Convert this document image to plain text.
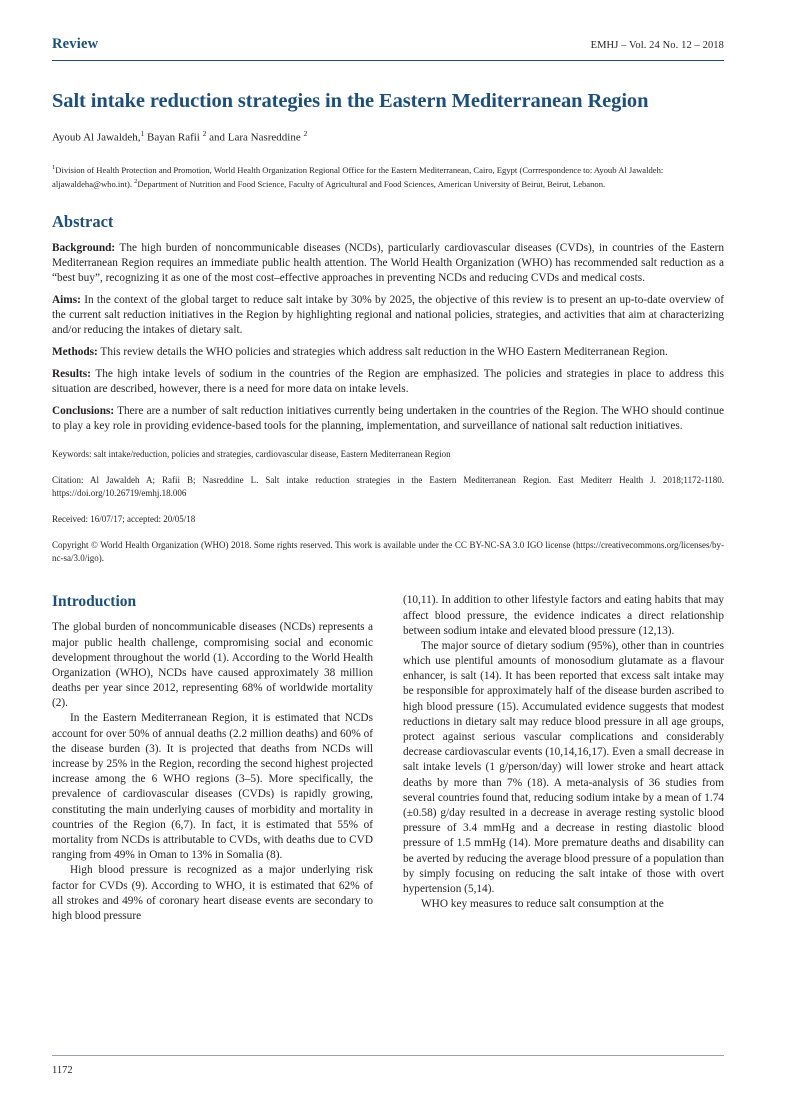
Review	EMHJ – Vol. 24 No. 12 – 2018
Salt intake reduction strategies in the Eastern Mediterranean Region
Ayoub Al Jawaldeh,$^1$ Bayan Rafii $^2$ and Lara Nasreddine $^2$
$^1$Division of Health Protection and Promotion, World Health Organization Regional Office for the Eastern Mediterranean, Cairo, Egypt (Corrrespondence to: Ayoub Al Jawaldeh: aljawaldeha@who.int). $^2$Department of Nutrition and Food Science, Faculty of Agricultural and Food Sciences, American University of Beirut, Beirut, Lebanon.
Abstract

Background: The high burden of noncommunicable diseases (NCDs), particularly cardiovascular diseases (CVDs), in countries of the Eastern Mediterranean Region requires an immediate public health attention. The World Health Organization (WHO) has recommended salt reduction as a “best buy”, recognizing it as one of the most cost–effective approaches in preventing NCDs and reducing CVDs and medical costs.

Aims: In the context of the global target to reduce salt intake by 30% by 2025, the objective of this review is to present an up-to-date overview of the current salt reduction initiatives in the Region by highlighting regional and national policies, strategies, and activities that aim at characterizing and/or reducing the intakes of dietary salt.

Methods: This review details the WHO policies and strategies which address salt reduction in the WHO Eastern Mediterranean Region.

Results: The high intake levels of sodium in the countries of the Region are emphasized. The policies and strategies in place to address this situation are described, however, there is a need for more data on intake levels.

Conclusions: There are a number of salt reduction initiatives currently being undertaken in the countries of the Region. The WHO should continue to play a key role in providing evidence-based tools for the planning, implementation, and surveillance of national salt reduction initiatives.

Keywords: salt intake/reduction, policies and strategies, cardiovascular disease, Eastern Mediterranean Region

Citation: Al Jawaldeh A; Rafii B; Nasreddine L. Salt intake reduction strategies in the Eastern Mediterranean Region. East Mediterr Health J. 2018;1172-1180. https://doi.org/10.26719/emhj.18.006

Received: 16/07/17; accepted: 20/05/18

Copyright © World Health Organization (WHO) 2018. Some rights reserved. This work is available under the CC BY-NC-SA 3.0 IGO license (https://creativecommons.org/licenses/by-nc-sa/3.0/igo).

Introduction

The global burden of noncommunicable diseases (NCDs) represents a major public health challenge, compromising social and economic development throughout the world (1). According to the World Health Organization (WHO), NCDs have caused approximately 38 million deaths per year since 2012, representing 68% of worldwide mortality (2).

In the Eastern Mediterranean Region, it is estimated that NCDs account for over 50% of annual deaths (2.2 million deaths) and 60% of the disease burden (3). It is projected that deaths from NCDs will increase by 25% in the Region, recording the second highest projected increase among the 6 WHO regions (3–5). More specifically, the prevalence of cardiovascular diseases (CVDs) is rapidly growing, constituting the main underlying causes of morbidity and mortality in countries of the Region (6,7). In fact, it is estimated that 55% of mortality from NCDs is attributable to CVDs, with deaths due to CVD ranging from 49% in Oman to 13% in Somalia (8).

High blood pressure is recognized as a major underlying risk factor for CVDs (9). According to WHO, it is estimated that 62% of all strokes and 49% of coronary heart disease events are secondary to high blood pressure

(10,11). In addition to other lifestyle factors and eating habits that may affect blood pressure, the evidence indicates a direct relationship between sodium intake and elevated blood pressure (12,13).

The major source of dietary sodium (95%), other than in countries which use plentiful amounts of monosodium glutamate as a flavour enhancer, is salt (14). It has been reported that excess salt intake may be responsible for approximately half of the disease burden ascribed to high blood pressure (15). Accumulated evidence suggests that modest reductions in dietary salt may reduce blood pressure in all age groups, protect against serious vascular complications and considerably decrease cardiovascular events (10,14,16,17). Even a small decrease in salt intake levels (1 g/person/day) will lower stroke and heart attack deaths by more than 7% (18). A meta-analysis of 36 studies from several countries found that, reducing sodium intake by a mean of 1.74 (±0.58) g/day resulted in a decrease in average resting systolic blood pressure of 3.4 mmHg and a decrease in resting diastolic blood pressure of 1.5 mmHg (14). More premature deaths and disability can be averted by reducing the average blood pressure of a population than by simply focusing on reducing the salt intake of those with overt hypertension (5,14).

WHO key measures to reduce salt consumption at the

1172
